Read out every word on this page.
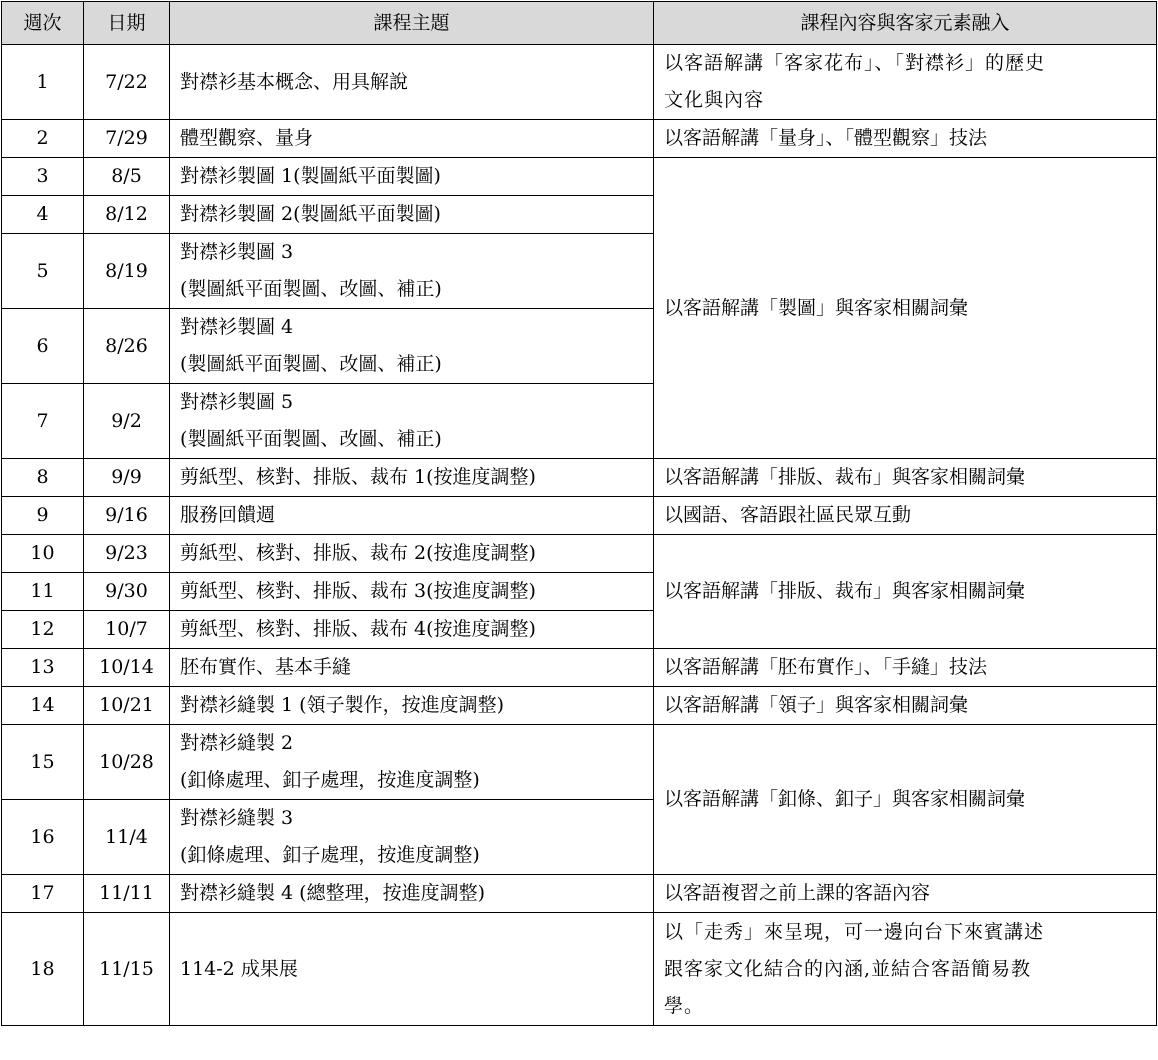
週次	日期	課程主題	課程內容與客家元素融入
1	7/22	對襟衫基本概念、用具解說	以客語解講「客家花布」、「對襟衫」的歷史
文化與內容
2	7/29	體型觀察、量身	以客語解講「量身」、「體型觀察」技法
3	8/5	對襟衫製圖 1(製圖紙平面製圖)	以客語解講「製圖」與客家相關詞彙
4	8/12	對襟衫製圖 2(製圖紙平面製圖)	
5	8/19	對襟衫製圖 3
(製圖紙平面製圖、改圖、補正)	
6	8/26	對襟衫製圖 4
(製圖紙平面製圖、改圖、補正)	
7	9/2	對襟衫製圖 5
(製圖紙平面製圖、改圖、補正)	
8	9/9	剪紙型、核對、排版、裁布 1(按進度調整)	以客語解講「排版、裁布」與客家相關詞彙
9	9/16	服務回饋週	以國語、客語跟社區民眾互動
10	9/23	剪紙型、核對、排版、裁布 2(按進度調整)	以客語解講「排版、裁布」與客家相關詞彙
11	9/30	剪紙型、核對、排版、裁布 3(按進度調整)	
12	10/7	剪紙型、核對、排版、裁布 4(按進度調整)	
13	10/14	胚布實作、基本手縫	以客語解講「胚布實作」、「手縫」技法
14	10/21	對襟衫縫製 1 (領子製作，按進度調整)	以客語解講「領子」與客家相關詞彙
15	10/28	對襟衫縫製 2
(釦條處理、釦子處理，按進度調整)	以客語解講「釦條、釦子」與客家相關詞彙
16	11/4	對襟衫縫製 3
(釦條處理、釦子處理，按進度調整)	
17	11/11	對襟衫縫製 4 (總整理，按進度調整)	以客語複習之前上課的客語內容
18	11/15	114-2 成果展	以「走秀」來呈現，可一邊向台下來賓講述
跟客家文化結合的內涵,並結合客語簡易教
學。
